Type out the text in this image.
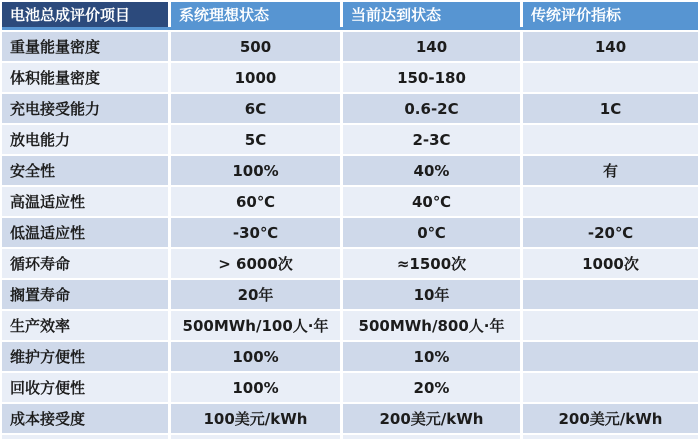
电池总成评价项目	系统理想状态	当前达到状态	传统评价指标
重量能量密度	500	140	140
体积能量密度	1000	150-180
充电接受能力	6C	0.6-2C	1C
放电能力	5C	2-3C
安全性	100%	40%	有
高温适应性	60℃	40℃
低温适应性	-30℃	0℃	-20℃
循环寿命	> 6000次	≈1500次	1000次
搁置寿命	20年	10年
生产效率	500MWh/100人·年	500MWh/800人·年
维护方便性	100%	10%
回收方便性	100%	20%
成本接受度	100美元/kWh	200美元/kWh	200美元/kWh
